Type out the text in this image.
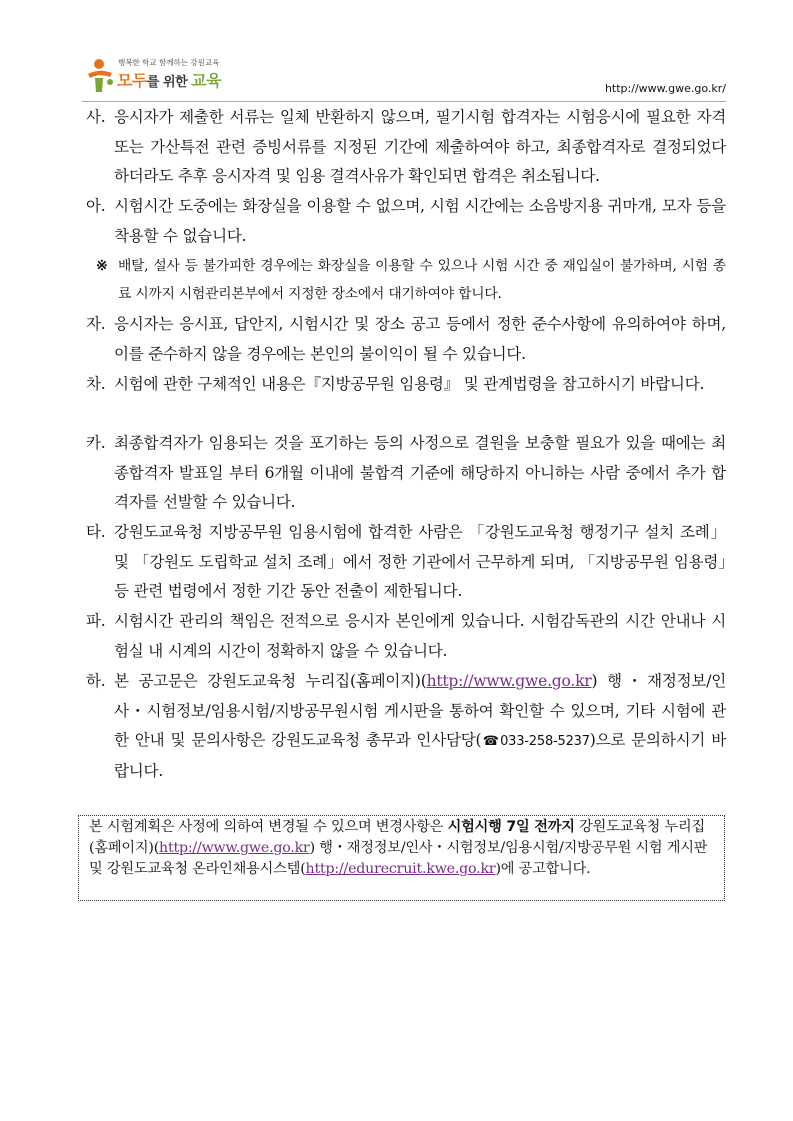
행복한 학교 함께하는 강원교육
모두를 위한 교육	http://www.gwe.go.kr/
사. 응시자가 제출한 서류는 일체 반환하지 않으며, 필기시험 합격자는 시험응시에 필요한 자격 또는 가산특전 관련 증빙서류를 지정된 기간에 제출하여야 하고, 최종합격자로 결정되었다 하더라도 추후 응시자격 및 임용 결격사유가 확인되면 합격은 취소됩니다.
아. 시험시간 도중에는 화장실을 이용할 수 없으며, 시험 시간에는 소음방지용 귀마개, 모자 등을 착용할 수 없습니다.
※ 배탈, 설사 등 불가피한 경우에는 화장실을 이용할 수 있으나 시험 시간 중 재입실이 불가하며, 시험 종료 시까지 시험관리본부에서 지정한 장소에서 대기하여야 합니다.
자. 응시자는 응시표, 답안지, 시험시간 및 장소 공고 등에서 정한 준수사항에 유의하여야 하며, 이를 준수하지 않을 경우에는 본인의 불이익이 될 수 있습니다.
차. 시험에 관한 구체적인 내용은『지방공무원 임용령』 및 관계법령을 참고하시기 바랍니다.
카. 최종합격자가 임용되는 것을 포기하는 등의 사정으로 결원을 보충할 필요가 있을 때에는 최종합격자 발표일 부터 6개월 이내에 불합격 기준에 해당하지 아니하는 사람 중에서 추가 합격자를 선발할 수 있습니다.
타. 강원도교육청 지방공무원 임용시험에 합격한 사람은 「강원도교육청 행정기구 설치 조례」 및 「강원도 도립학교 설치 조례」에서 정한 기관에서 근무하게 되며, 「지방공무원 임용령」등 관련 법령에서 정한 기간 동안 전출이 제한됩니다.
파. 시험시간 관리의 책임은 전적으로 응시자 본인에게 있습니다. 시험감독관의 시간 안내나 시험실 내 시계의 시간이 정확하지 않을 수 있습니다.
하. 본 공고문은 강원도교육청 누리집(홈페이지)(http://www.gwe.go.kr) 행・재정정보/인사・시험정보/임용시험/지방공무원시험 게시판을 통하여 확인할 수 있으며, 기타 시험에 관한 안내 및 문의사항은 강원도교육청 총무과 인사담당(☎033-258-5237)으로 문의하시기 바랍니다.
본 시험계획은 사정에 의하여 변경될 수 있으며 변경사항은 시험시행 7일 전까지 강원도교육청 누리집(홈페이지)(http://www.gwe.go.kr) 행・재정정보/인사・시험정보/임용시험/지방공무원 시험 게시판 및 강원도교육청 온라인채용시스템(http://edurecruit.kwe.go.kr)에 공고합니다.
